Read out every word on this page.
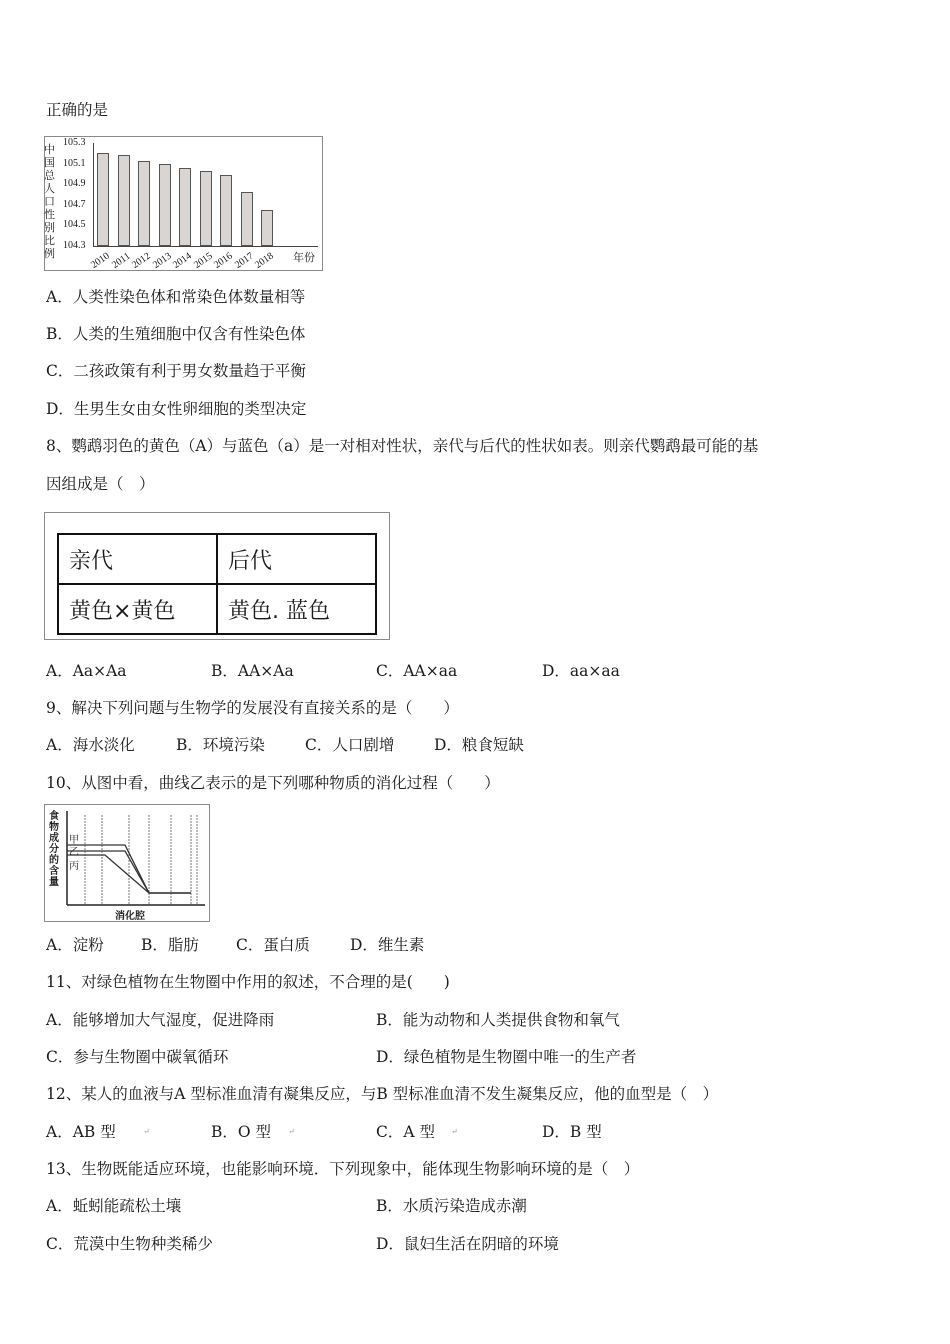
正确的是
中国总人口性别比例
105.3
105.1
104.9
104.7
104.5
104.3
2010
2011
2012
2013
2014
2015
2016
2017
2018 年份
A．人类性染色体和常染色体数量相等
B．人类的生殖细胞中仅含有性染色体
C．二孩政策有利于男女数量趋于平衡
D．生男生女由女性卵细胞的类型决定
8、鹦鹉羽色的黄色（A）与蓝色（a）是一对相对性状，亲代与后代的性状如表。则亲代鹦鹉最可能的基
因组成是（　）
亲代	后代
黄色×黄色	黄色. 蓝色
A．Aa×Aa	B．AA×Aa	C．AA×aa	D．aa×aa
9、解决下列问题与生物学的发展没有直接关系的是（　　）
A．海水淡化	B．环境污染	C．人口剧增	D．粮食短缺
10、从图中看，曲线乙表示的是下列哪种物质的消化过程（　　）
食物成分的含量
甲
乙
丙
消化腔
A．淀粉 B．脂肪 C．蛋白质	D．维生素
11、对绿色植物在生物圈中作用的叙述，不合理的是(　　)
A．能够增加大气湿度，促进降雨	B．能为动物和人类提供食物和氧气
C．参与生物圈中碳氧循环	D．绿色植物是生物圈中唯一的生产者
12、某人的血液与A 型标准血清有凝集反应，与B 型标准血清不发生凝集反应，他的血型是（　）
A．AB 型	↵	B．O 型 ↵	C．A 型 ↵	D．B 型
13、生物既能适应环境，也能影响环境．下列现象中，能体现生物影响环境的是（　）
A．蚯蚓能疏松土壤	B．水质污染造成赤潮
C．荒漠中生物种类稀少	D．鼠妇生活在阴暗的环境
